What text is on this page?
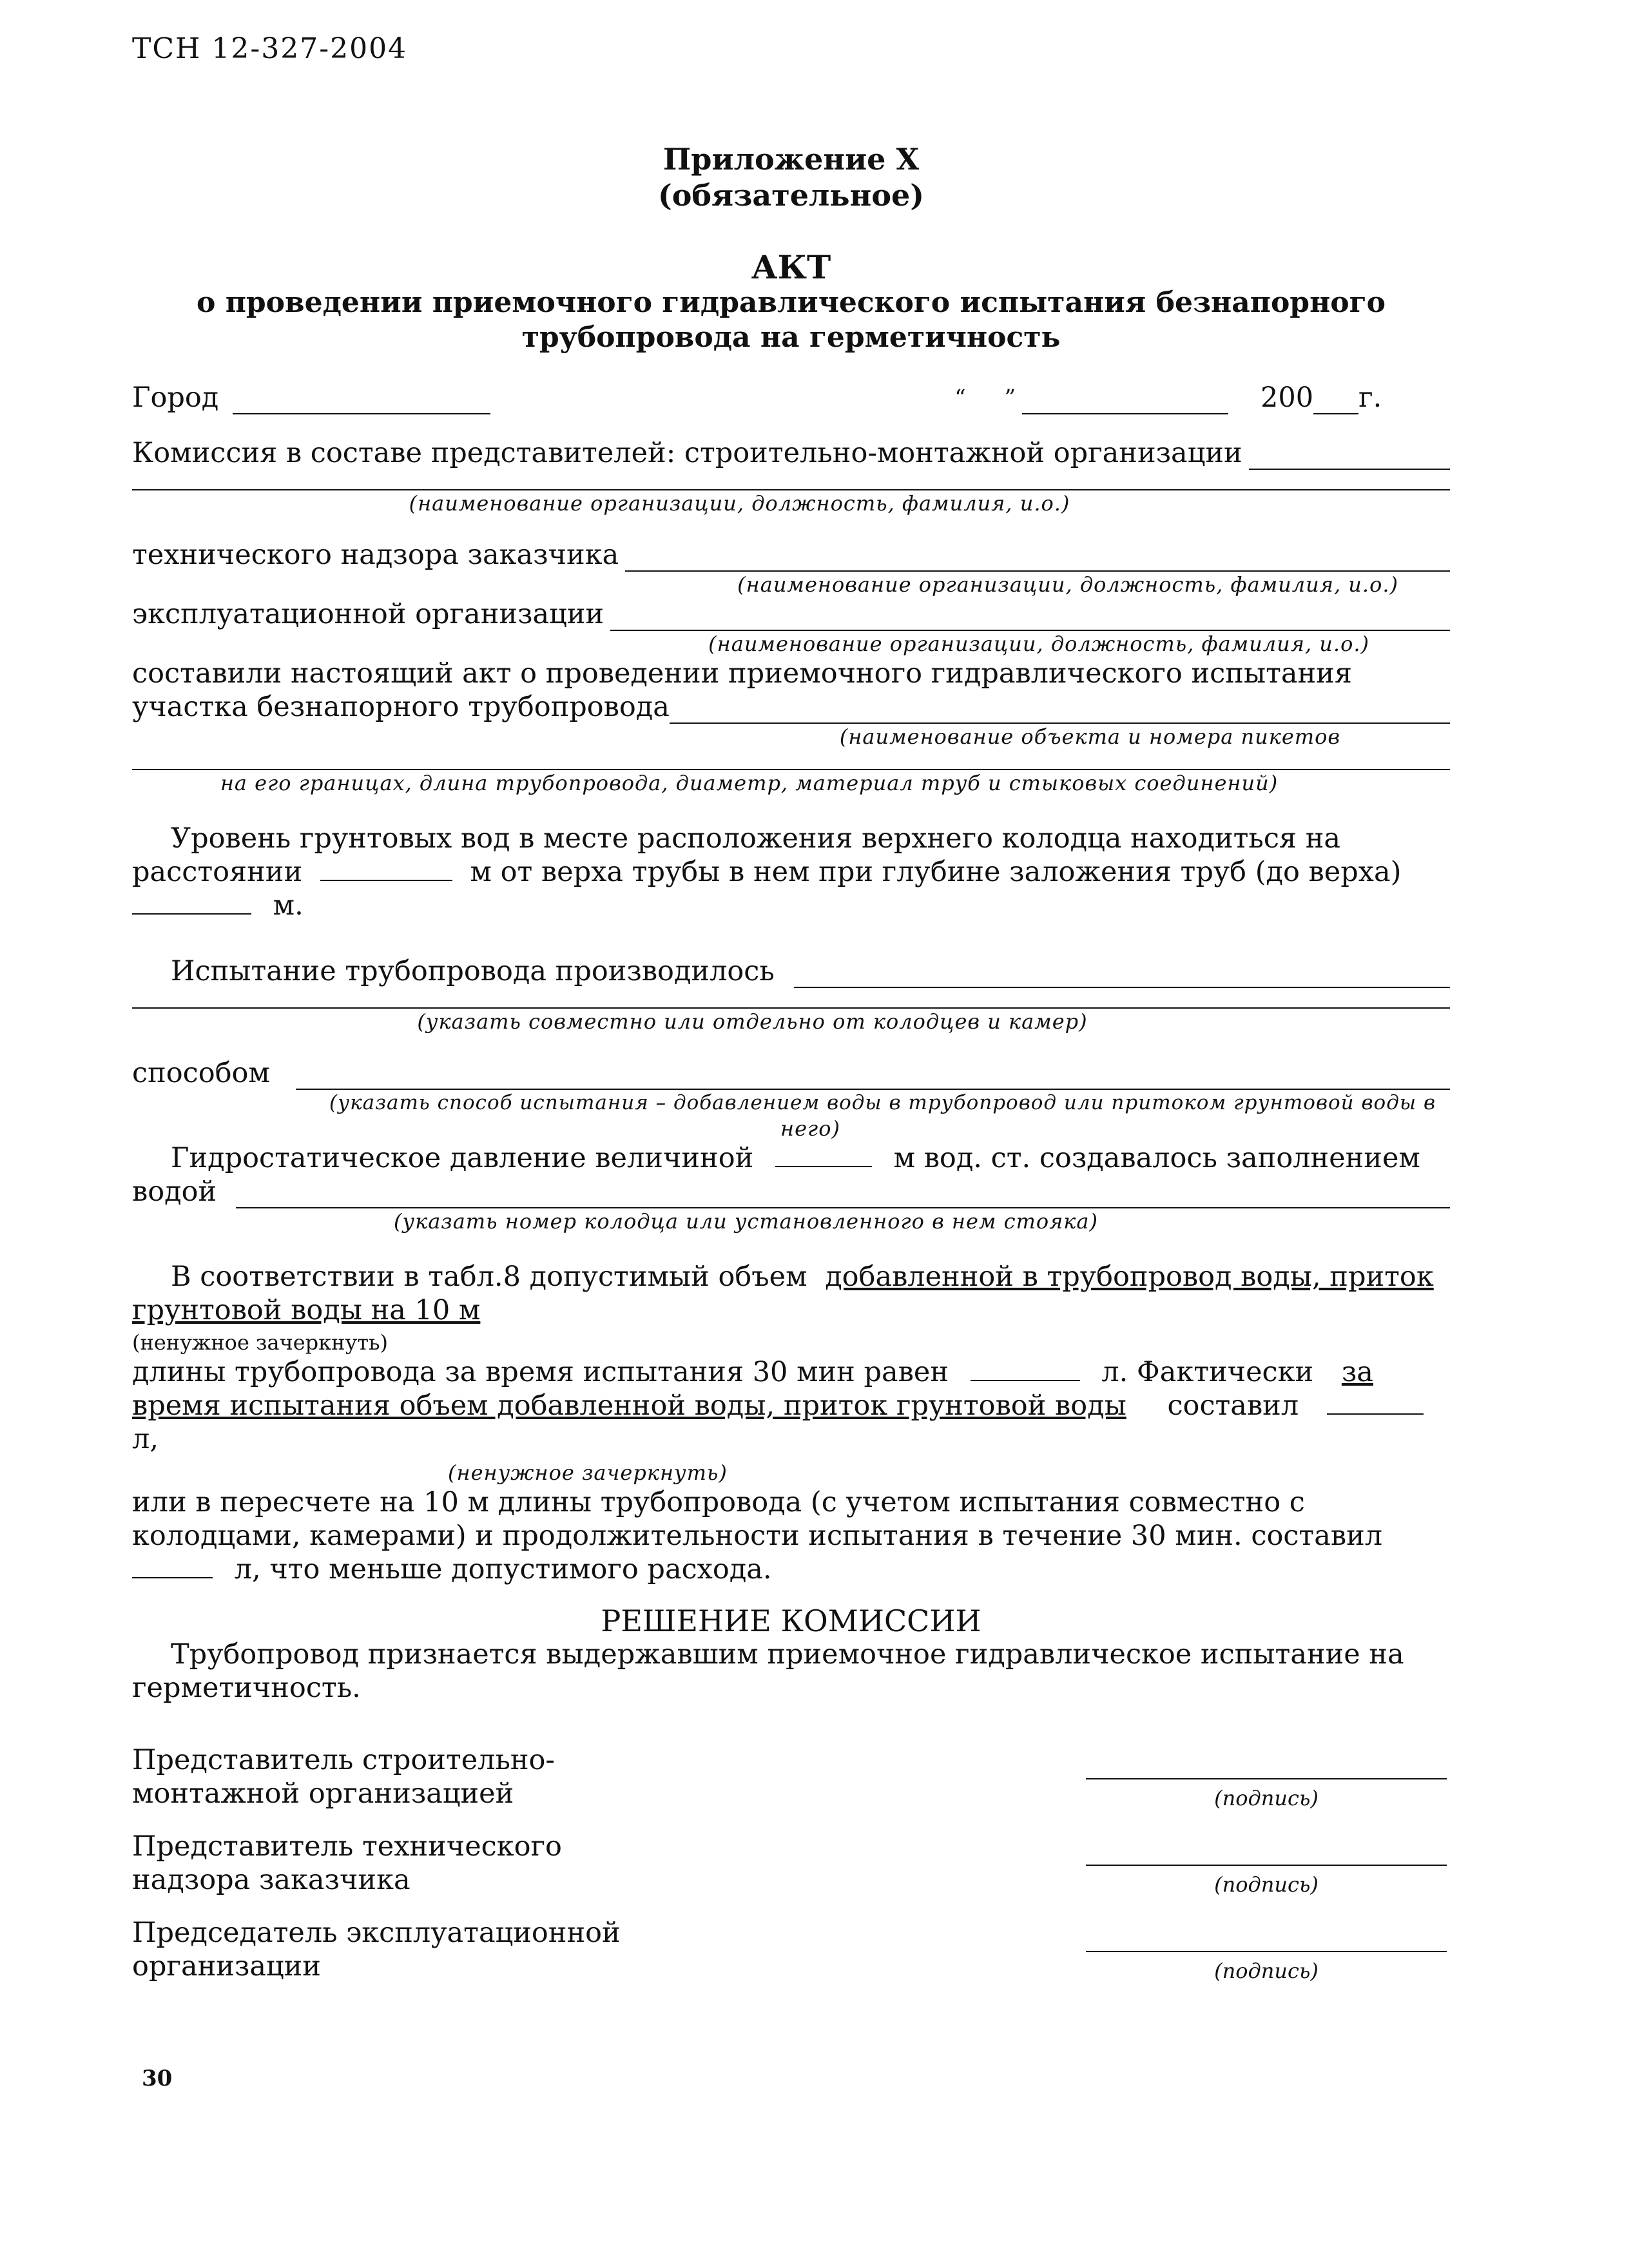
ТСН 12-327-2004
Приложение X
(обязательное)
АКТ
о проведении приемочного гидравлического испытания безнапорного
трубопровода на герметичность
Город	“ ”	200 г.
Комиссия в составе представителей: строительно-монтажной организации
(наименование организации, должность, фамилия, и.о.)
технического надзора заказчика
(наименование организации, должность, фамилия, и.о.)
эксплуатационной организации
(наименование организации, должность, фамилия, и.о.)
составили настоящий акт о проведении приемочного гидравлического испытания
участка безнапорного трубопровода
(наименование объекта и номера пикетов
на его границах, длина трубопровода, диаметр, материал труб и стыковых соединений)
Уровень грунтовых вод в месте расположения верхнего колодца находиться на
расстоянии	м от верха трубы в нем при глубине заложения труб (до верха)
м.
Испытание трубопровода производилось
(указать совместно или отдельно от колодцев и камер)
способом
(указать способ испытания – добавлением воды в трубопровод или притоком грунтовой воды в
него)
Гидростатическое давление величиной	м вод. ст. создавалось заполнением
водой
(указать номер колодца или установленного в нем стояка)
В соответствии в табл.8 допустимый объем добавленной в трубопровод воды, приток
грунтовой воды на 10 м
(ненужное зачеркнуть)
длины трубопровода за время испытания 30 мин равен	л. Фактически за
время испытания объем добавленной воды, приток грунтовой воды составил
л,
(ненужное зачеркнуть)
или в пересчете на 10 м длины трубопровода (с учетом испытания совместно с
колодцами, камерами) и продолжительности испытания в течение 30 мин. составил
л, что меньше допустимого расхода.
РЕШЕНИЕ КОМИССИИ
Трубопровод признается выдержавшим приемочное гидравлическое испытание на
герметичность.
Представитель строительно-
монтажной организацией	(подпись)
Представитель технического
надзора заказчика	(подпись)
Председатель эксплуатационной
организации	(подпись)
30
